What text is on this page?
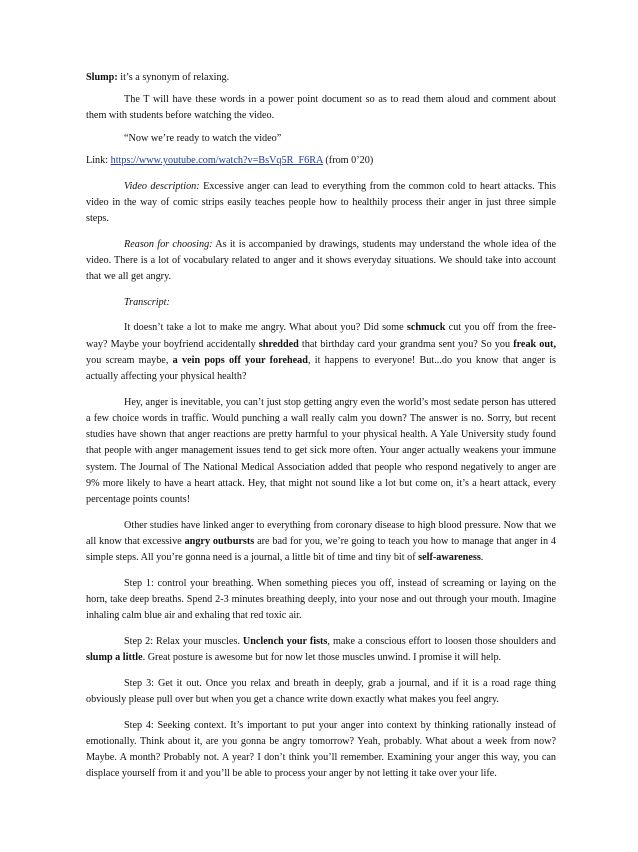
Slump: it’s a synonym of relaxing.

The T will have these words in a power point document so as to read them aloud and comment about them with students before watching the video.

“Now we’re ready to watch the video”

Link: https://www.youtube.com/watch?v=BsVq5R_F6RA (from 0’20)

Video description: Excessive anger can lead to everything from the common cold to heart attacks. This video in the way of comic strips easily teaches people how to healthily process their anger in just three simple steps.

Reason for choosing: As it is accompanied by drawings, students may understand the whole idea of the video. There is a lot of vocabulary related to anger and it shows everyday situations. We should take into account that we all get angry.

Transcript:

It doesn’t take a lot to make me angry. What about you? Did some schmuck cut you off from the free-way? Maybe your boyfriend accidentally shredded that birthday card your grandma sent you? So you freak out, you scream maybe, a vein pops off your forehead, it happens to everyone! But...do you know that anger is actually affecting your physical health?

Hey, anger is inevitable, you can’t just stop getting angry even the world’s most sedate person has uttered a few choice words in traffic. Would punching a wall really calm you down? The answer is no. Sorry, but recent studies have shown that anger reactions are pretty harmful to your physical health. A Yale University study found that people with anger management issues tend to get sick more often. Your anger actually weakens your immune system. The Journal of The National Medical Association added that people who respond negatively to anger are 9% more likely to have a heart attack. Hey, that might not sound like a lot but come on, it’s a heart attack, every percentage points counts!

Other studies have linked anger to everything from coronary disease to high blood pressure. Now that we all know that excessive angry outbursts are bad for you, we’re going to teach you how to manage that anger in 4 simple steps. All you’re gonna need is a journal, a little bit of time and tiny bit of self-awareness.

Step 1: control your breathing. When something pieces you off, instead of screaming or laying on the horn, take deep breaths. Spend 2-3 minutes breathing deeply, into your nose and out through your mouth. Imagine inhaling calm blue air and exhaling that red toxic air.

Step 2: Relax your muscles. Unclench your fists, make a conscious effort to loosen those shoulders and slump a little. Great posture is awesome but for now let those muscles unwind. I promise it will help.

Step 3: Get it out. Once you relax and breath in deeply, grab a journal, and if it is a road rage thing obviously please pull over but when you get a chance write down exactly what makes you feel angry.

Step 4: Seeking context. It’s important to put your anger into context by thinking rationally instead of emotionally. Think about it, are you gonna be angry tomorrow? Yeah, probably. What about a week from now? Maybe. A month? Probably not. A year? I don’t think you’ll remember. Examining your anger this way, you can displace yourself from it and you’ll be able to process your anger by not letting it take over your life.
